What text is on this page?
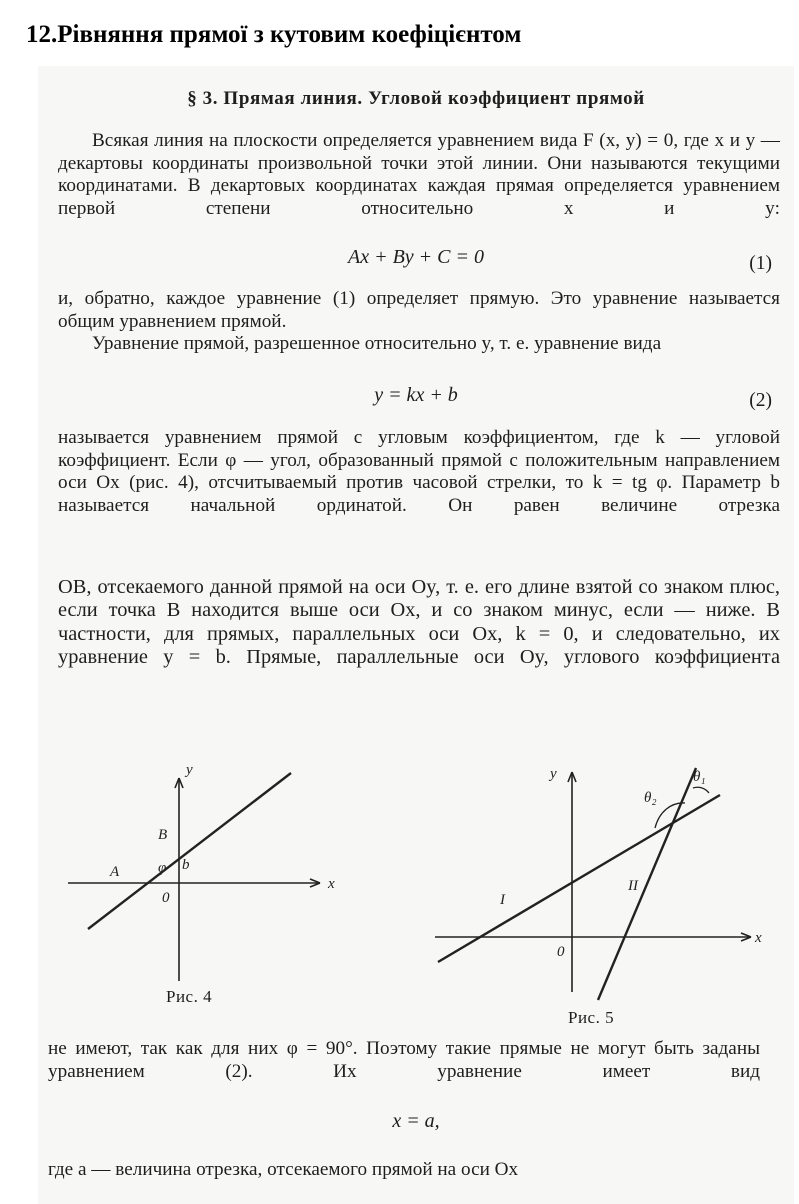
12.Рівняння прямої з кутовим коефіцієнтом
§ 3. Прямая линия. Угловой коэффициент прямой

Всякая линия на плоскости определяется уравнением вида F (x, y) = 0, где x и y — декартовы координаты произвольной точки этой линии. Они называются текущими координатами. В декартовых координатах каждая прямая определяется уравнением первой степени относительно x и y:

Ax + By + C = 0	(1)

и, обратно, каждое уравнение (1) определяет прямую. Это уравнение называется общим уравнением прямой.

Уравнение прямой, разрешенное относительно y, т. е. уравнение вида

y = kx + b	(2)

называется уравнением прямой с угловым коэффициентом, где k — угловой коэффициент. Если φ — угол, образованный прямой с положительным направлением оси Ox (рис. 4), отсчитываемый против часовой стрелки, то k = tg φ. Параметр b называется начальной ординатой. Он равен величине отрезка

OB, отсекаемого данной прямой на оси Oy, т. е. его длине взятой со знаком плюс, если точка B находится выше оси Ox, и со знаком минус, если — ниже. В частности, для прямых, параллельных оси Ox, k = 0, и следовательно, их уравнение y = b. Прямые, параллельные оси Oy, углового коэффициента

y
x
A
B
0
φ b
Рис. 4
y
x
0
I
II
θ₁
θ₂
Рис. 5

не имеют, так как для них φ = 90°. Поэтому такие прямые не могут быть заданы уравнением (2). Их уравнение имеет вид

x = a,

где a — величина отрезка, отсекаемого прямой на оси Ox
